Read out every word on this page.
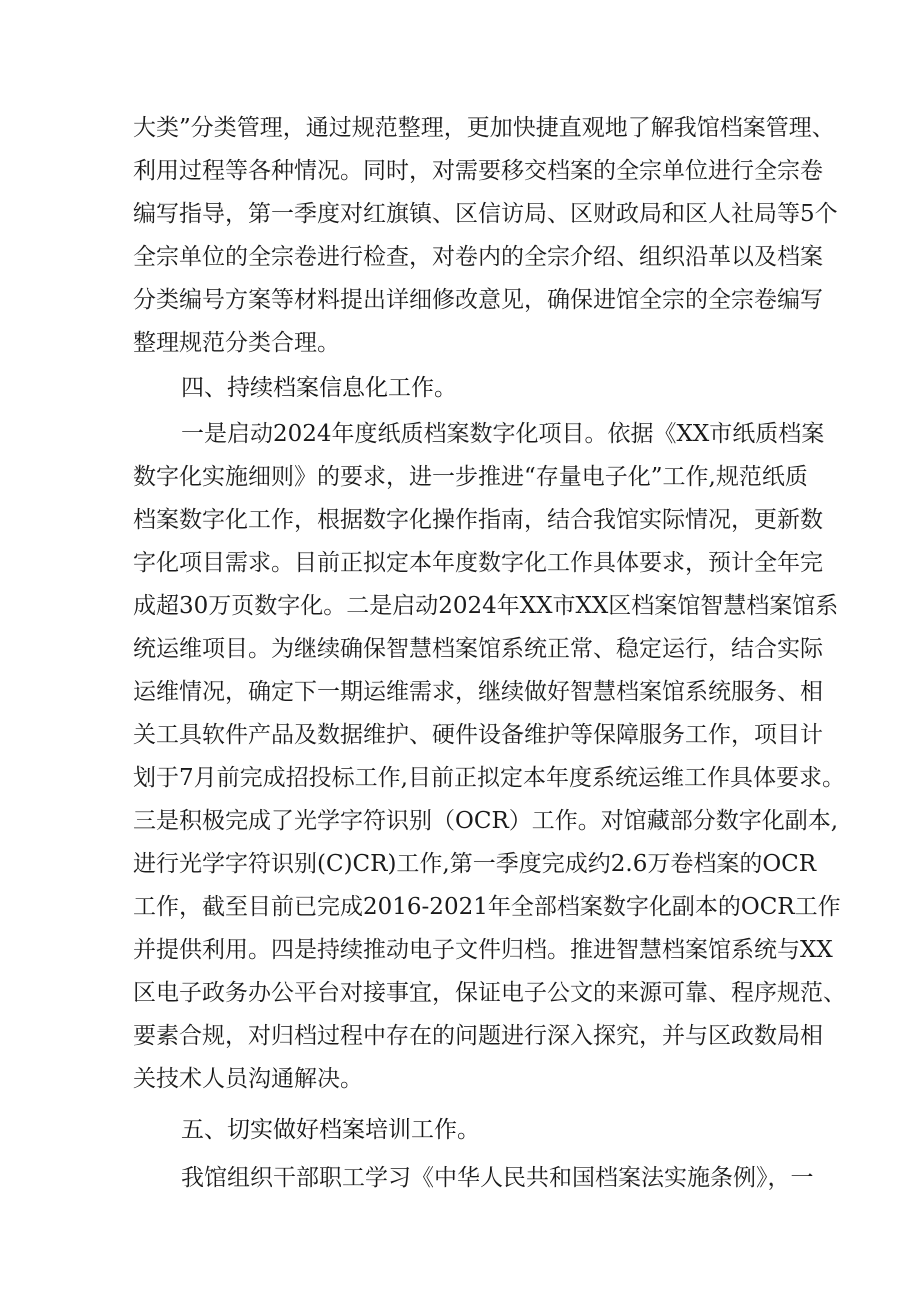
大类”分类管理，通过规范整理，更加快捷直观地了解我馆档案管理、
利用过程等各种情况。同时，对需要移交档案的全宗单位进行全宗卷
编写指导，第一季度对红旗镇、区信访局、区财政局和区人社局等5个
全宗单位的全宗卷进行检查，对卷内的全宗介绍、组织沿革以及档案
分类编号方案等材料提出详细修改意见，确保进馆全宗的全宗卷编写
整理规范分类合理。
四、持续档案信息化工作。
一是启动2024年度纸质档案数字化项目。依据《XX市纸质档案
数字化实施细则》的要求，进一步推进“存量电子化”工作,规范纸质
档案数字化工作，根据数字化操作指南，结合我馆实际情况，更新数
字化项目需求。目前正拟定本年度数字化工作具体要求，预计全年完
成超30万页数字化。二是启动2024年XX市XX区档案馆智慧档案馆系
统运维项目。为继续确保智慧档案馆系统正常、稳定运行，结合实际
运维情况，确定下一期运维需求，继续做好智慧档案馆系统服务、相
关工具软件产品及数据维护、硬件设备维护等保障服务工作，项目计
划于7月前完成招投标工作,目前正拟定本年度系统运维工作具体要求。
三是积极完成了光学字符识别（OCR）工作。对馆藏部分数字化副本,
进行光学字符识别(C)CR)工作,第一季度完成约2.6万卷档案的OCR
工作，截至目前已完成2016-2021年全部档案数字化副本的OCR工作
并提供利用。四是持续推动电子文件归档。推进智慧档案馆系统与XX
区电子政务办公平台对接事宜，保证电子公文的来源可靠、程序规范、
要素合规，对归档过程中存在的问题进行深入探究，并与区政数局相
关技术人员沟通解决。
五、切实做好档案培训工作。
我馆组织干部职工学习《中华人民共和国档案法实施条例》，一
